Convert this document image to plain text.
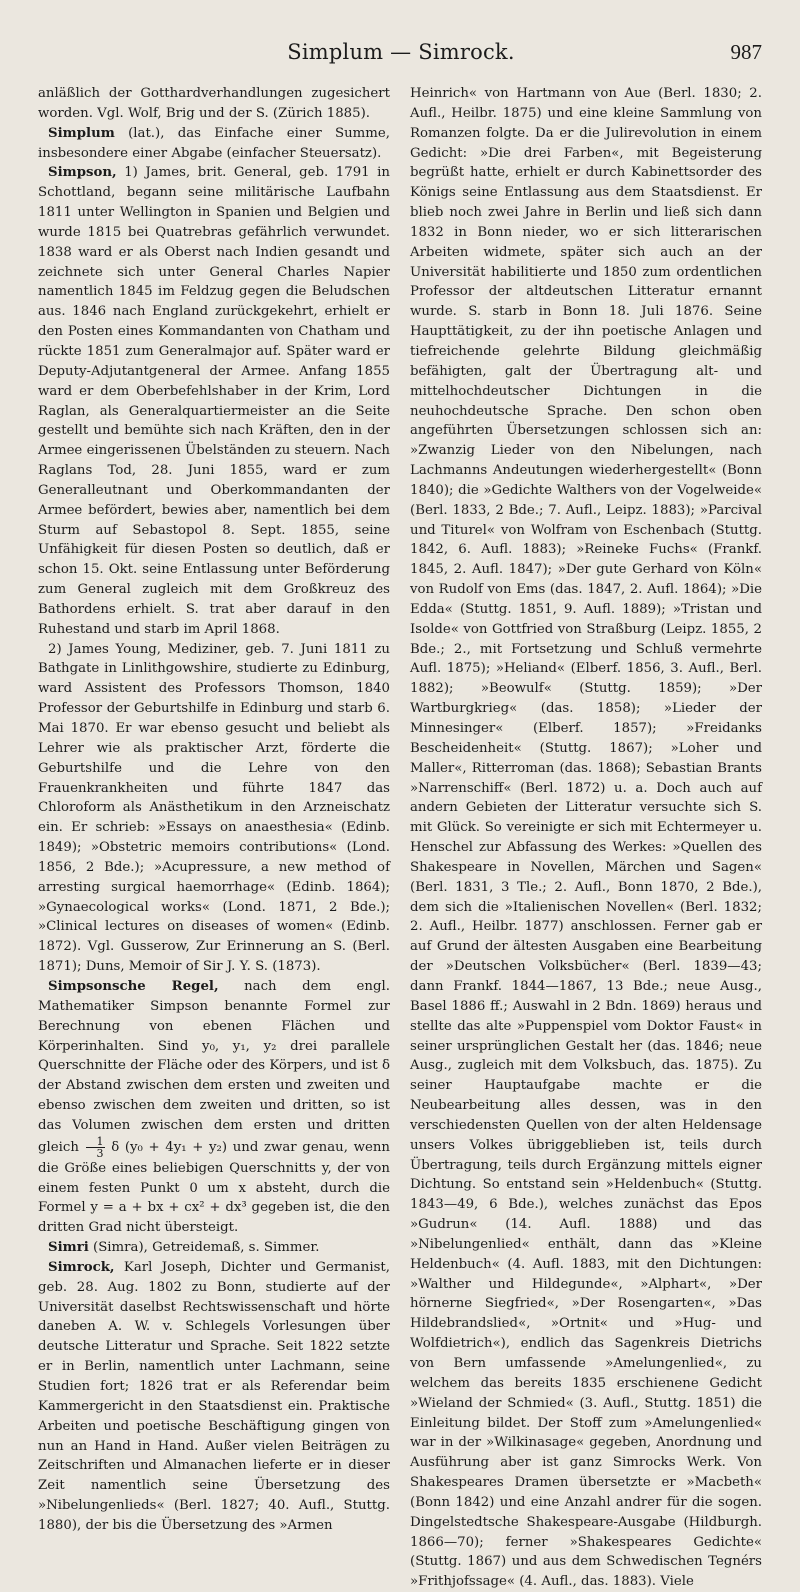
Simplum — Simrock.	987

anläßlich der Gotthardverhandlungen zugesichert worden. Vgl. Wolf, Brig und der S. (Zürich 1885).

Simplum (lat.), das Einfache einer Summe, insbesondere einer Abgabe (einfacher Steuersatz).

Simpson, 1) James, brit. General, geb. 1791 in Schottland, begann seine militärische Laufbahn 1811 unter Wellington in Spanien und Belgien und wurde 1815 bei Quatrebras gefährlich verwundet. 1838 ward er als Oberst nach Indien gesandt und zeichnete sich unter General Charles Napier namentlich 1845 im Feldzug gegen die Beludschen aus. 1846 nach England zurückgekehrt, erhielt er den Posten eines Kommandanten von Chatham und rückte 1851 zum Generalmajor auf. Später ward er Deputy-Adjutantgeneral der Armee. Anfang 1855 ward er dem Oberbefehlshaber in der Krim, Lord Raglan, als Generalquartiermeister an die Seite gestellt und bemühte sich nach Kräften, den in der Armee eingerissenen Übelständen zu steuern. Nach Raglans Tod, 28. Juni 1855, ward er zum Generalleutnant und Oberkommandanten der Armee befördert, bewies aber, namentlich bei dem Sturm auf Sebastopol 8. Sept. 1855, seine Unfähigkeit für diesen Posten so deutlich, daß er schon 15. Okt. seine Entlassung unter Beförderung zum General zugleich mit dem Großkreuz des Bathordens erhielt. S. trat aber darauf in den Ruhestand und starb im April 1868.

2) James Young, Mediziner, geb. 7. Juni 1811 zu Bathgate in Linlithgowshire, studierte zu Edinburg, ward Assistent des Professors Thomson, 1840 Professor der Geburtshilfe in Edinburg und starb 6. Mai 1870. Er war ebenso gesucht und beliebt als Lehrer wie als praktischer Arzt, förderte die Geburtshilfe und die Lehre von den Frauenkrankheiten und führte 1847 das Chloroform als Anästhetikum in den Arzneischatz ein. Er schrieb: »Essays on anaesthesia« (Edinb. 1849); »Obstetric memoirs contributions« (Lond. 1856, 2 Bde.); »Acupressure, a new method of arresting surgical haemorrhage« (Edinb. 1864); »Gynaecological works« (Lond. 1871, 2 Bde.); »Clinical lectures on diseases of women« (Edinb. 1872). Vgl. Gusserow, Zur Erinnerung an S. (Berl. 1871); Duns, Memoir of Sir J. Y. S. (1873).

Simpsonsche Regel, nach dem engl. Mathematiker Simpson benannte Formel zur Berechnung von ebenen Flächen und Körperinhalten. Sind y₀, y₁, y₂ drei parallele Querschnitte der Fläche oder des Körpers, und ist δ der Abstand zwischen dem ersten und zweiten und ebenso zwischen dem zweiten und dritten, so ist das Volumen zwischen dem ersten und dritten gleich $\frac{1}{3}$ δ (y₀ + 4y₁ + y₂) und zwar genau, wenn die Größe eines beliebigen Querschnitts y, der von einem festen Punkt 0 um x absteht, durch die Formel y = a + bx + cx² + dx³ gegeben ist, die den dritten Grad nicht übersteigt.

Simri (Simra), Getreidemaß, s. Simmer.

Simrock, Karl Joseph, Dichter und Germanist, geb. 28. Aug. 1802 zu Bonn, studierte auf der Universität daselbst Rechtswissenschaft und hörte daneben A. W. v. Schlegels Vorlesungen über deutsche Litteratur und Sprache. Seit 1822 setzte er in Berlin, namentlich unter Lachmann, seine Studien fort; 1826 trat er als Referendar beim Kammergericht in den Staatsdienst ein. Praktische Arbeiten und poetische Beschäftigung gingen von nun an Hand in Hand. Außer vielen Beiträgen zu Zeitschriften und Almanachen lieferte er in dieser Zeit namentlich seine Übersetzung des »Nibelungenlieds« (Berl. 1827; 40. Aufl., Stuttg. 1880), der bis die Übersetzung des »Armen

Heinrich« von Hartmann von Aue (Berl. 1830; 2. Aufl., Heilbr. 1875) und eine kleine Sammlung von Romanzen folgte. Da er die Julirevolution in einem Gedicht: »Die drei Farben«, mit Begeisterung begrüßt hatte, erhielt er durch Kabinettsorder des Königs seine Entlassung aus dem Staatsdienst. Er blieb noch zwei Jahre in Berlin und ließ sich dann 1832 in Bonn nieder, wo er sich litterarischen Arbeiten widmete, später sich auch an der Universität habilitierte und 1850 zum ordentlichen Professor der altdeutschen Litteratur ernannt wurde. S. starb in Bonn 18. Juli 1876. Seine Haupttätigkeit, zu der ihn poetische Anlagen und tiefreichende gelehrte Bildung gleichmäßig befähigten, galt der Übertragung alt- und mittelhochdeutscher Dichtungen in die neuhochdeutsche Sprache. Den schon oben angeführten Übersetzungen schlossen sich an: »Zwanzig Lieder von den Nibelungen, nach Lachmanns Andeutungen wiederhergestellt« (Bonn 1840); die »Gedichte Walthers von der Vogelweide« (Berl. 1833, 2 Bde.; 7. Aufl., Leipz. 1883); »Parcival und Titurel« von Wolfram von Eschenbach (Stuttg. 1842, 6. Aufl. 1883); »Reineke Fuchs« (Frankf. 1845, 2. Aufl. 1847); »Der gute Gerhard von Köln« von Rudolf von Ems (das. 1847, 2. Aufl. 1864); »Die Edda« (Stuttg. 1851, 9. Aufl. 1889); »Tristan und Isolde« von Gottfried von Straßburg (Leipz. 1855, 2 Bde.; 2., mit Fortsetzung und Schluß vermehrte Aufl. 1875); »Heliand« (Elberf. 1856, 3. Aufl., Berl. 1882); »Beowulf« (Stuttg. 1859); »Der Wartburgkrieg« (das. 1858); »Lieder der Minnesinger« (Elberf. 1857); »Freidanks Bescheidenheit« (Stuttg. 1867); »Loher und Maller«, Ritterroman (das. 1868); Sebastian Brants »Narrenschiff« (Berl. 1872) u. a. Doch auch auf andern Gebieten der Litteratur versuchte sich S. mit Glück. So vereinigte er sich mit Echtermeyer u. Henschel zur Abfassung des Werkes: »Quellen des Shakespeare in Novellen, Märchen und Sagen« (Berl. 1831, 3 Tle.; 2. Aufl., Bonn 1870, 2 Bde.), dem sich die »Italienischen Novellen« (Berl. 1832; 2. Aufl., Heilbr. 1877) anschlossen. Ferner gab er auf Grund der ältesten Ausgaben eine Bearbeitung der »Deutschen Volksbücher« (Berl. 1839—43; dann Frankf. 1844—1867, 13 Bde.; neue Ausg., Basel 1886 ff.; Auswahl in 2 Bdn. 1869) heraus und stellte das alte »Puppenspiel vom Doktor Faust« in seiner ursprünglichen Gestalt her (das. 1846; neue Ausg., zugleich mit dem Volksbuch, das. 1875). Zu seiner Hauptaufgabe machte er die Neubearbeitung alles dessen, was in den verschiedensten Quellen von der alten Heldensage unsers Volkes übriggeblieben ist, teils durch Übertragung, teils durch Ergänzung mittels eigner Dichtung. So entstand sein »Heldenbuch« (Stuttg. 1843—49, 6 Bde.), welches zunächst das Epos »Gudrun« (14. Aufl. 1888) und das »Nibelungenlied« enthält, dann das »Kleine Heldenbuch« (4. Aufl. 1883, mit den Dichtungen: »Walther und Hildegunde«, »Alphart«, »Der hörnerne Siegfried«, »Der Rosengarten«, »Das Hildebrandslied«, »Ortnit« und »Hug- und Wolfdietrich«), endlich das Sagenkreis Dietrichs von Bern umfassende »Amelungenlied«, zu welchem das bereits 1835 erschienene Gedicht »Wieland der Schmied« (3. Aufl., Stuttg. 1851) die Einleitung bildet. Der Stoff zum »Amelungenlied« war in der »Wilkinasage« gegeben, Anordnung und Ausführung aber ist ganz Simrocks Werk. Von Shakespeares Dramen übersetzte er »Macbeth« (Bonn 1842) und eine Anzahl andrer für die sogen. Dingelstedtsche Shakespeare-Ausgabe (Hildburgh. 1866—70); ferner »Shakespeares Gedichte« (Stuttg. 1867) und aus dem Schwedischen Tegnérs »Frithjofssage« (4. Aufl., das. 1883). Viele
